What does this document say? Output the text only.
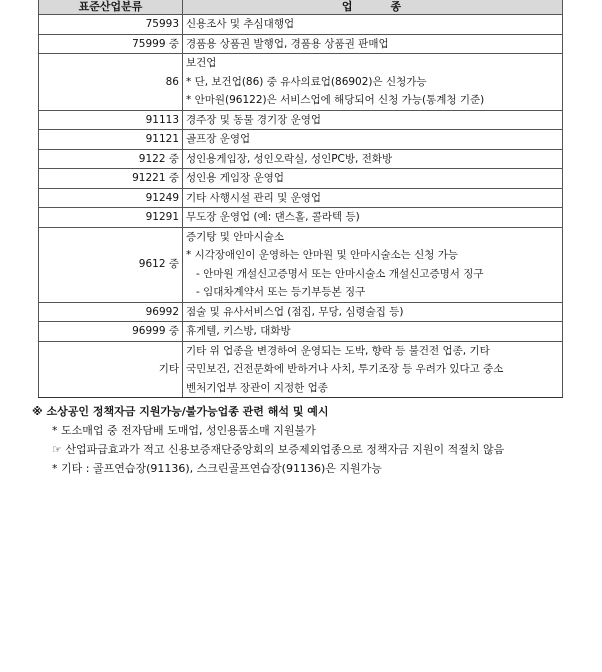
표준산업분류	업종
75993	신용조사 및 추심대행업

75999 중	경품용 상품권 발행업, 경품용 상품권 판매업

86	보건업
* 단, 보건업(86) 중 유사의료업(86902)은 신청가능
* 안마원(96122)은 서비스업에 해당되어 신청 가능(통계청 기준)

91113	경주장 및 동물 경기장 운영업

91121	골프장 운영업

9122 중	성인용게임장, 성인오락실, 성인PC방, 전화방

91221 중	성인용 게임장 운영업

91249	기타 사행시설 관리 및 운영업

91291	무도장 운영업 (예: 댄스홀, 콜라텍 등)

9612 중	증기탕 및 안마시술소
* 시각장애인이 운영하는 안마원 및 안마시술소는 신청 가능
- 안마원 개설신고증명서 또는 안마시술소 개설신고증명서 징구
- 임대차계약서 또는 등기부등본 징구

96992	점술 및 유사서비스업 (점집, 무당, 심령술집 등)

96999 중	휴게텔, 키스방, 대화방

기타	기타 위 업종을 변경하여 운영되는 도박, 향락 등 불건전 업종, 기타
국민보건, 건전문화에 반하거나 사치, 투기조장 등 우려가 있다고 중소
벤처기업부 장관이 지정한 업종
※ 소상공인 정책자금 지원가능/불가능업종 관련 해석 및 예시
* 도소매업 중 전자담배 도매업, 성인용품소매 지원불가
☞ 산업파급효과가 적고 신용보증재단중앙회의 보증제외업종으로 정책자금 지원이 적절치 않음
* 기타 : 골프연습장(91136), 스크린골프연습장(91136)은 지원가능
